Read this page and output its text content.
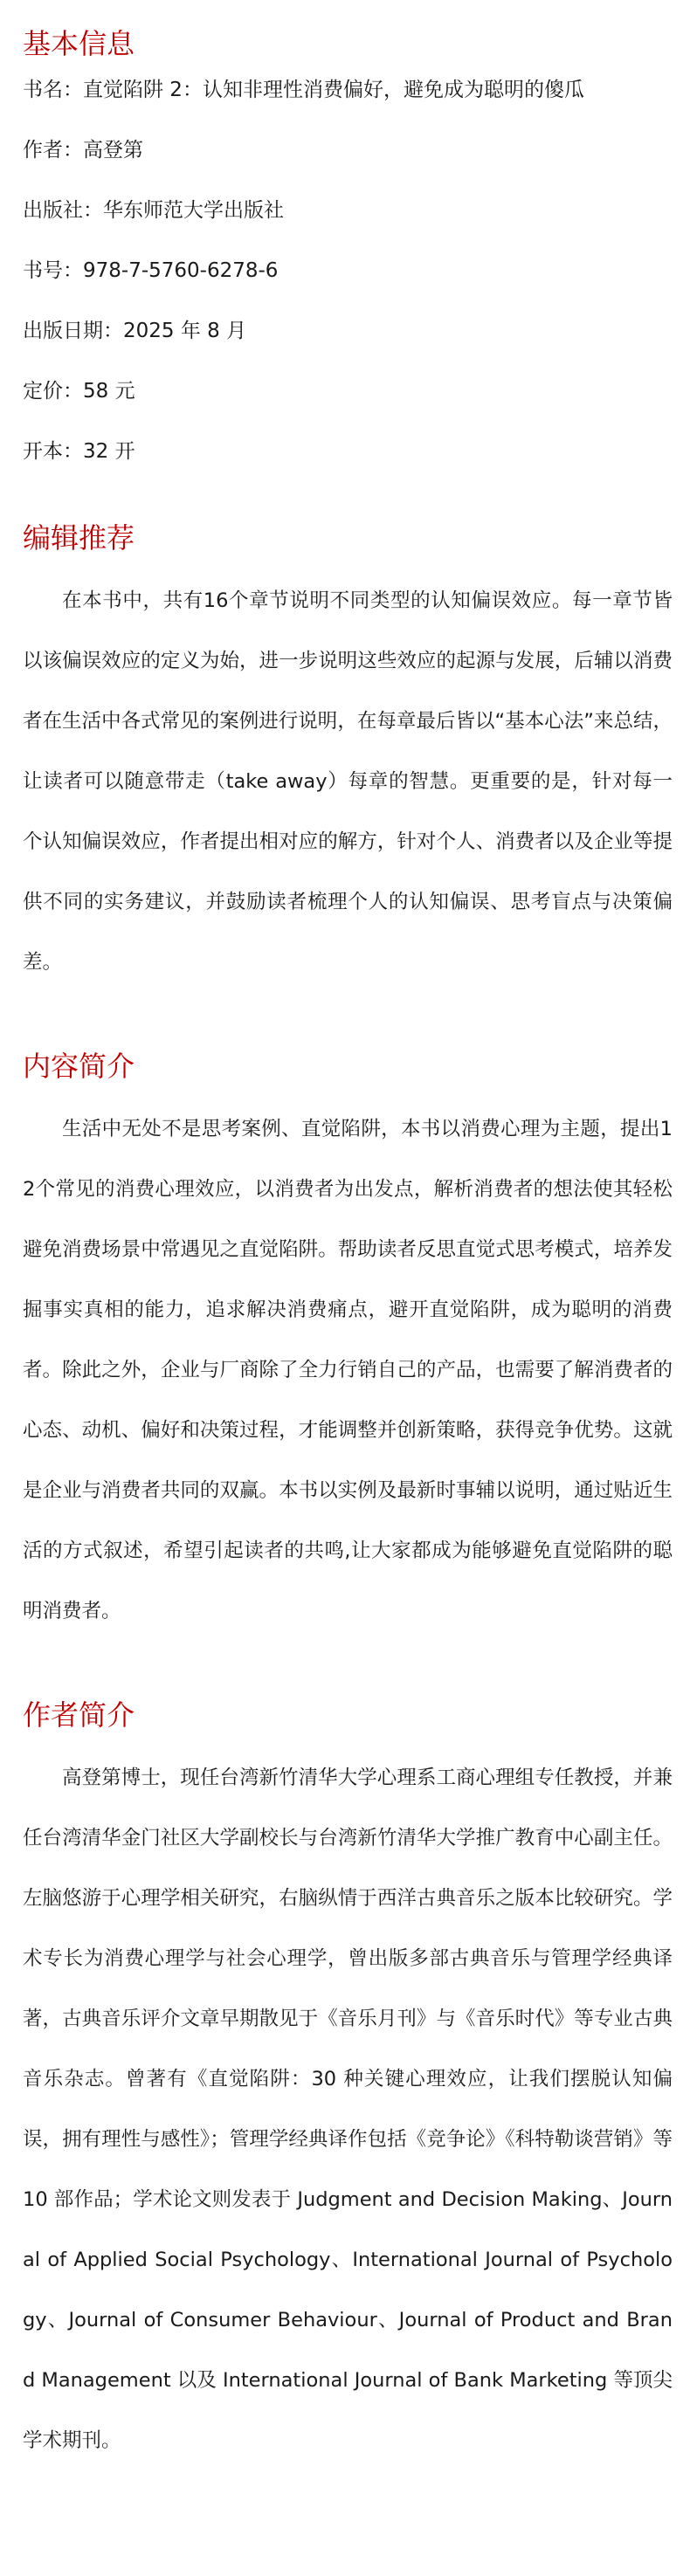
基本信息
书名：直觉陷阱 2：认知非理性消费偏好，避免成为聪明的傻瓜
作者：高登第
出版社：华东师范大学出版社
书号：978-7-5760-6278-6
出版日期：2025 年 8 月
定价：58 元
开本：32 开
编辑推荐

在本书中，共有16个章节说明不同类型的认知偏误效应。每一章节皆以该偏误效应的定义为始，进一步说明这些效应的起源与发展，后辅以消费者在生活中各式常见的案例进行说明，在每章最后皆以“基本心法”来总结，让读者可以随意带走（take away）每章的智慧。更重要的是，针对每一个认知偏误效应，作者提出相对应的解方，针对个人、消费者以及企业等提供不同的实务建议，并鼓励读者梳理个人的认知偏误、思考盲点与决策偏差。

内容简介

生活中无处不是思考案例、直觉陷阱，本书以消费心理为主题，提出12个常见的消费心理效应，以消费者为出发点，解析消费者的想法使其轻松避免消费场景中常遇见之直觉陷阱。帮助读者反思直觉式思考模式，培养发掘事实真相的能力，追求解决消费痛点，避开直觉陷阱，成为聪明的消费者。除此之外，企业与厂商除了全力行销自己的产品，也需要了解消费者的心态、动机、偏好和决策过程，才能调整并创新策略，获得竞争优势。这就是企业与消费者共同的双赢。本书以实例及最新时事辅以说明，通过贴近生活的方式叙述，希望引起读者的共鸣,让大家都成为能够避免直觉陷阱的聪明消费者。

作者简介

高登第博士，现任台湾新竹清华大学心理系工商心理组专任教授，并兼任台湾清华金门社区大学副校长与台湾新竹清华大学推广教育中心副主任。左脑悠游于心理学相关研究，右脑纵情于西洋古典音乐之版本比较研究。学术专长为消费心理学与社会心理学，曾出版多部古典音乐与管理学经典译著，古典音乐评介文章早期散见于《音乐月刊》与《音乐时代》等专业古典音乐杂志。曾著有《直觉陷阱：30 种关键心理效应，让我们摆脱认知偏误，拥有理性与感性》；管理学经典译作包括《竞争论》《科特勒谈营销》等 10 部作品；学术论文则发表于 Judgment and Decision Making、Journal of Applied Social Psychology、International Journal of Psychology、Journal of Consumer Behaviour、Journal of Product and Brand Management 以及 International Journal of Bank Marketing 等顶尖学术期刊。
